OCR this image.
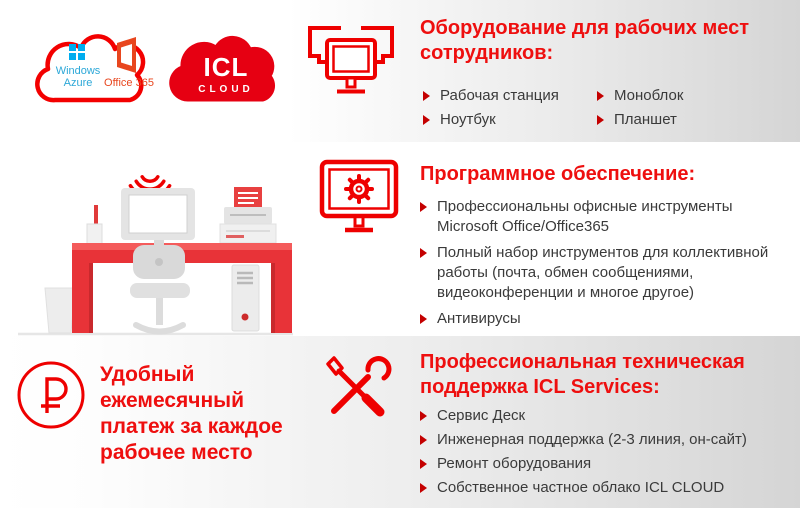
Windows
Azure Office 365
ICL
CLOUD
Оборудование для рабочих мест сотрудников:
Рабочая станция
Ноутбук
Моноблок
Планшет
Программное обеспечение:
Профессиональны офисные инструменты Microsoft Office/Office365
Полный набор инструментов для коллективной работы (почта, обмен сообщениями, видеоконференции и многое другое)
Антивирусы
Удобный ежемесячный платеж за каждое рабочее место
Профессиональная техническая поддержка ICL Services:
Сервис Деск
Инженерная поддержка (2-3 линия, он-сайт)
Ремонт оборудования
Собственное частное облако ICL CLOUD
